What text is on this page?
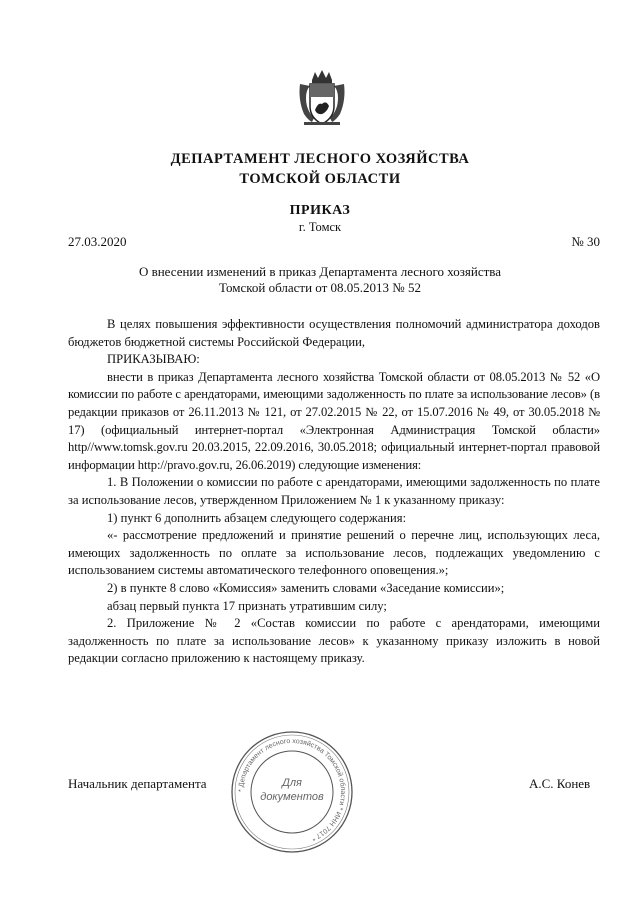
ДЕПАРТАМЕНТ ЛЕСНОГО ХОЗЯЙСТВА
ТОМСКОЙ ОБЛАСТИ
ПРИКАЗ
г. Томск
27.03.2020	№ 30
О внесении изменений в приказ Департамента лесного хозяйства
Томской области от 08.05.2013 № 52

В целях повышения эффективности осуществления полномочий администратора доходов бюджетов бюджетной системы Российской Федерации,

ПРИКАЗЫВАЮ:

внести в приказ Департамента лесного хозяйства Томской области от 08.05.2013 № 52 «О комиссии по работе с арендаторами, имеющими задолженность по плате за использование лесов» (в редакции приказов от 26.11.2013 № 121, от 27.02.2015 № 22, от 15.07.2016 № 49, от 30.05.2018 № 17) (официальный интернет-портал «Электронная Администрация Томской области» http//www.tomsk.gov.ru 20.03.2015, 22.09.2016, 30.05.2018; официальный интернет-портал правовой информации http://pravo.gov.ru, 26.06.2019) следующие изменения:

1. В Положении о комиссии по работе с арендаторами, имеющими задолженность по плате за использование лесов, утвержденном Приложением № 1 к указанному приказу:

1) пункт 6 дополнить абзацем следующего содержания:

«- рассмотрение предложений и принятие решений о перечне лиц, использующих леса, имеющих задолженность по оплате за использование лесов, подлежащих уведомлению с использованием системы автоматического телефонного оповещения.»;

2) в пункте 8 слово «Комиссия» заменить словами «Заседание комиссии»;

абзац первый пункта 17 признать утратившим силу;

2. Приложение № 2 «Состав комиссии по работе с арендаторами, имеющими задолженность по плате за использование лесов» к указанному приказу изложить в новой редакции согласно приложению к настоящему приказу.

Начальник департамента	А.С. Конев
* Департамент лесного хозяйства Томской области * ИНН 7017 *
Для
документов
